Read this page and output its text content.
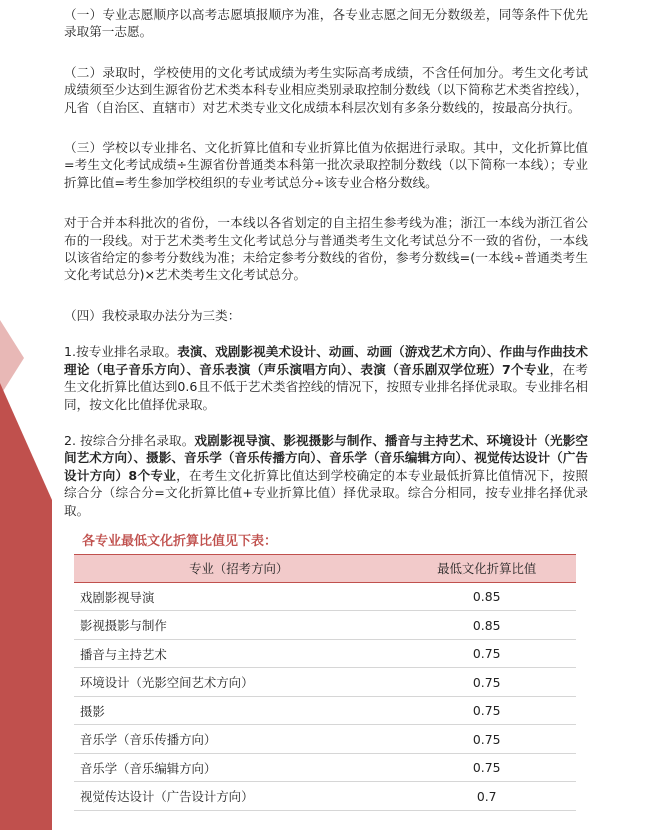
（一）专业志愿顺序以高考志愿填报顺序为准，各专业志愿之间无分数级差，同等条件下优先录取第一志愿。

（二）录取时，学校使用的文化考试成绩为考生实际高考成绩，不含任何加分。考生文化考试成绩须至少达到生源省份艺术类本科专业相应类别录取控制分数线（以下简称艺术类省控线），凡省（自治区、直辖市）对艺术类专业文化成绩本科层次划有多条分数线的，按最高分执行。

（三）学校以专业排名、文化折算比值和专业折算比值为依据进行录取。其中，文化折算比值=考生文化考试成绩÷生源省份普通类本科第一批次录取控制分数线（以下简称一本线）；专业折算比值=考生参加学校组织的专业考试总分÷该专业合格分数线。

对于合并本科批次的省份，一本线以各省划定的自主招生参考线为准；浙江一本线为浙江省公布的一段线。对于艺术类考生文化考试总分与普通类考生文化考试总分不一致的省份，一本线以该省给定的参考分数线为准；未给定参考分数线的省份，参考分数线=(一本线÷普通类考生文化考试总分)×艺术类考生文化考试总分。

（四）我校录取办法分为三类：

1.按专业排名录取。表演、戏剧影视美术设计、动画、动画（游戏艺术方向）、作曲与作曲技术理论（电子音乐方向）、音乐表演（声乐演唱方向）、表演（音乐剧双学位班）7个专业，在考生文化折算比值达到0.6且不低于艺术类省控线的情况下，按照专业排名择优录取。专业排名相同，按文化比值择优录取。

2. 按综合分排名录取。戏剧影视导演、影视摄影与制作、播音与主持艺术、环境设计（光影空间艺术方向）、摄影、音乐学（音乐传播方向）、音乐学（音乐编辑方向）、视觉传达设计（广告设计方向）8个专业，在考生文化折算比值达到学校确定的本专业最低折算比值情况下，按照综合分（综合分=文化折算比值+专业折算比值）择优录取。综合分相同，按专业排名择优录取。

各专业最低文化折算比值见下表：
专业（招考方向）	最低文化折算比值
戏剧影视导演	0.85
影视摄影与制作	0.85
播音与主持艺术	0.75
环境设计（光影空间艺术方向）	0.75
摄影	0.75
音乐学（音乐传播方向）	0.75
音乐学（音乐编辑方向）	0.75
视觉传达设计（广告设计方向）	0.7
